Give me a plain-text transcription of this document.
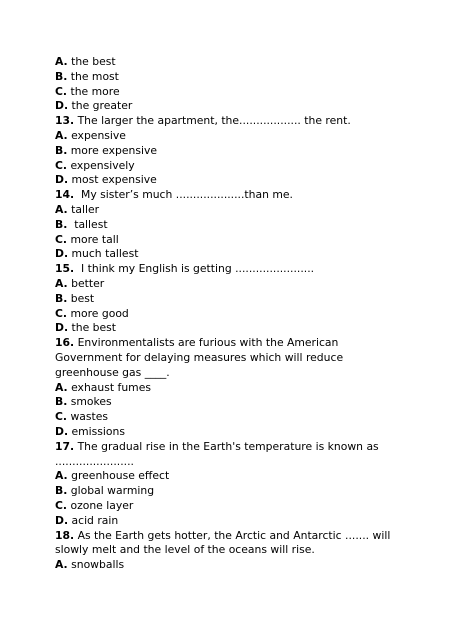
A. the best
B. the most
C. the more
D. the greater
13. The larger the apartment, the.................. the rent.
A. expensive
B. more expensive
C. expensively
D. most expensive
14.  My sister’s much ....................than me.
A. taller
B.  tallest
C. more tall
D. much tallest
15.  I think my English is getting .......................
A. better
B. best
C. more good
D. the best
16. Environmentalists are furious with the American Government for delaying measures which will reduce greenhouse gas ____.
A. exhaust fumes
B. smokes
C. wastes
D. emissions
17. The gradual rise in the Earth's temperature is known as .......................
A. greenhouse effect
B. global warming
C. ozone layer
D. acid rain
18. As the Earth gets hotter, the Arctic and Antarctic ....... will slowly melt and the level of the oceans will rise.
A. snowballs
